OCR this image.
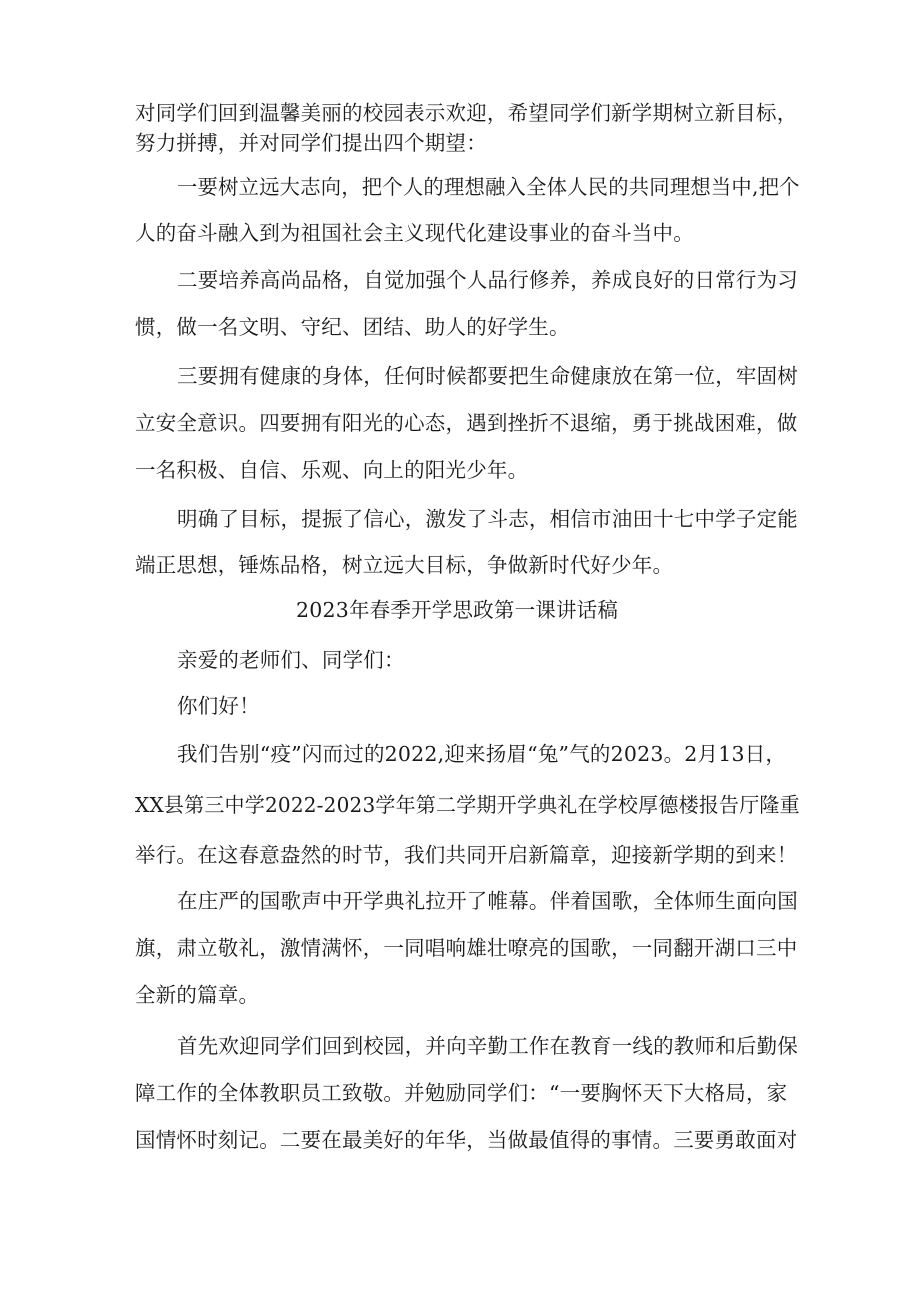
对同学们回到温馨美丽的校园表示欢迎，希望同学们新学期树立新目标，
努力拼搏，并对同学们提出四个期望：
一要树立远大志向，把个人的理想融入全体人民的共同理想当中,把个
人的奋斗融入到为祖国社会主义现代化建设事业的奋斗当中。
二要培养高尚品格，自觉加强个人品行修养，养成良好的日常行为习
惯，做一名文明、守纪、团结、助人的好学生。
三要拥有健康的身体，任何时候都要把生命健康放在第一位，牢固树
立安全意识。四要拥有阳光的心态，遇到挫折不退缩，勇于挑战困难，做
一名积极、自信、乐观、向上的阳光少年。
明确了目标，提振了信心，激发了斗志，相信市油田十七中学子定能
端正思想，锤炼品格，树立远大目标，争做新时代好少年。
2023年春季开学思政第一课讲话稿
亲爱的老师们、同学们：
你们好！
我们告别“疫”闪而过的2022,迎来扬眉“兔”气的2023。2月13日，
XX县第三中学2022-2023学年第二学期开学典礼在学校厚德楼报告厅隆重
举行。在这春意盎然的时节，我们共同开启新篇章，迎接新学期的到来！
在庄严的国歌声中开学典礼拉开了帷幕。伴着国歌，全体师生面向国
旗，肃立敬礼，激情满怀，一同唱响雄壮嘹亮的国歌，一同翻开湖口三中
全新的篇章。
首先欢迎同学们回到校园，并向辛勤工作在教育一线的教师和后勤保
障工作的全体教职员工致敬。并勉励同学们：“一要胸怀天下大格局，家
国情怀时刻记。二要在最美好的年华，当做最值得的事情。三要勇敢面对
